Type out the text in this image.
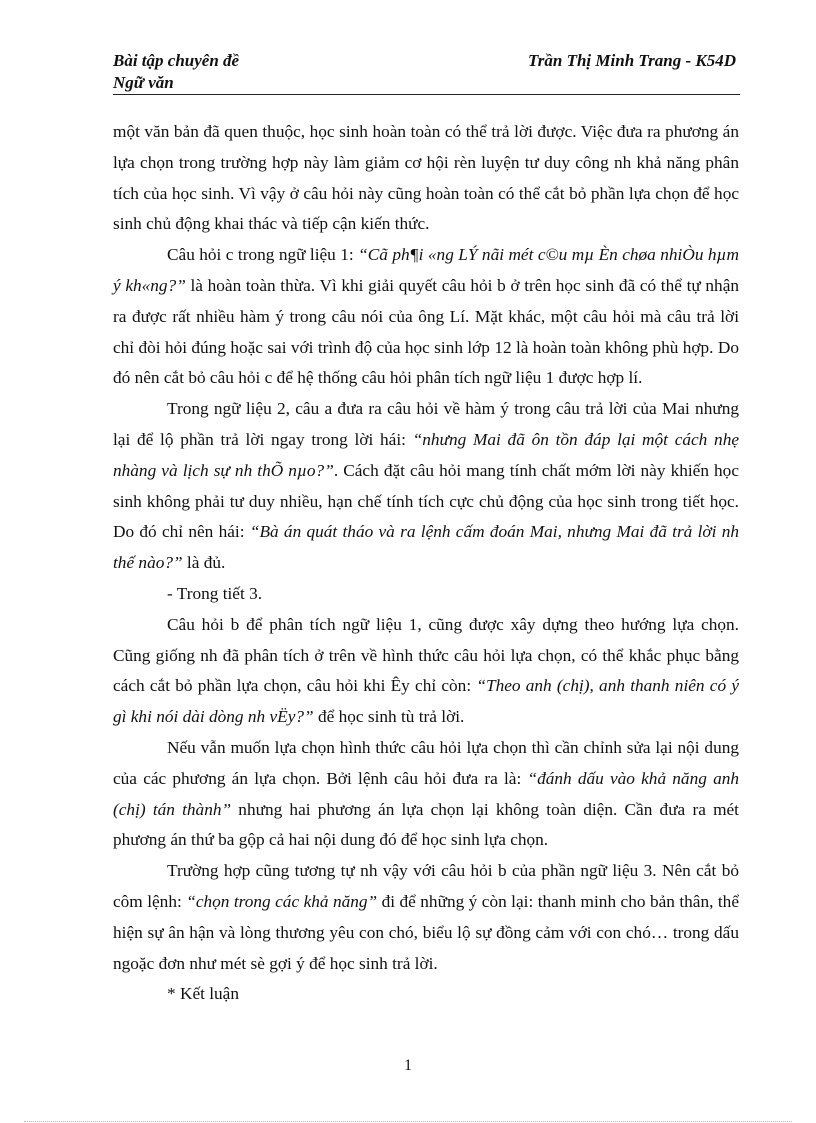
Bài tập chuyên đề
Ngữ văn
Trần Thị Minh Trang - K54D

một văn bản đã quen thuộc, học sinh hoàn toàn có thể trả lời được. Việc đưa ra phương án lựa chọn trong trường hợp này làm giảm cơ hội rèn luyện tư duy công nh khả năng phân tích của học sinh. Vì vậy ở câu hỏi này cũng hoàn toàn có thể cắt bỏ phần lựa chọn để học sinh chủ động khai thác và tiếp cận kiến thức.

Câu hỏi c trong ngữ liệu 1: “Cã ph¶i «ng LÝ nãi mét c©u mµ Èn chøa nhiÒu hµm ý kh«ng?” là hoàn toàn thừa. Vì khi giải quyết câu hỏi b ở trên học sinh đã có thể tự nhận ra được rất nhiều hàm ý trong câu nói của ông Lí. Mặt khác, một câu hỏi mà câu trả lời chỉ đòi hỏi đúng hoặc sai với trình độ của học sinh lớp 12 là hoàn toàn không phù hợp. Do đó nên cắt bỏ câu hỏi c để hệ thống câu hỏi phân tích ngữ liệu 1 được hợp lí.

Trong ngữ liệu 2, câu a đưa ra câu hỏi về hàm ý trong câu trả lời của Mai nhưng lại để lộ phần trả lời ngay trong lời hái: “nhưng Mai đã ôn tồn đáp lại một cách nhẹ nhàng và lịch sự nh thÕ nµo?”. Cách đặt câu hỏi mang tính chất mớm lời này khiến học sinh không phải tư duy nhiều, hạn chế tính tích cực chủ động của học sinh trong tiết học. Do đó chỉ nên hái: “Bà án quát tháo và ra lệnh cấm đoán Mai, nhưng Mai đã trả lời nh thế nào?” là đủ.

- Trong tiết 3.

Câu hỏi b để phân tích ngữ liệu 1, cũng được xây dựng theo hướng lựa chọn. Cũng giống nh đã phân tích ở trên về hình thức câu hỏi lựa chọn, có thể khắc phục bằng cách cắt bỏ phần lựa chọn, câu hỏi khi Êy chỉ còn: “Theo anh (chị), anh thanh niên có ý gì khi nói dài dòng nh vËy?” để học sinh tù trả lời.

Nếu vẫn muốn lựa chọn hình thức câu hỏi lựa chọn thì cần chỉnh sửa lại nội dung của các phương án lựa chọn. Bởi lệnh câu hỏi đưa ra là: “đánh dấu vào khả năng anh (chị) tán thành” nhưng hai phương án lựa chọn lại không toàn diện. Cần đưa ra mét phương án thứ ba gộp cả hai nội dung đó để học sinh lựa chọn.

Trường hợp cũng tương tự nh vậy với câu hỏi b của phần ngữ liệu 3. Nên cắt bỏ côm lệnh: “chọn trong các khả năng” đi để những ý còn lại: thanh minh cho bản thân, thể hiện sự ân hận và lòng thương yêu con chó, biểu lộ sự đồng cảm với con chó… trong dấu ngoặc đơn như mét sè gợi ý để học sinh trả lời.

* Kết luận

1
